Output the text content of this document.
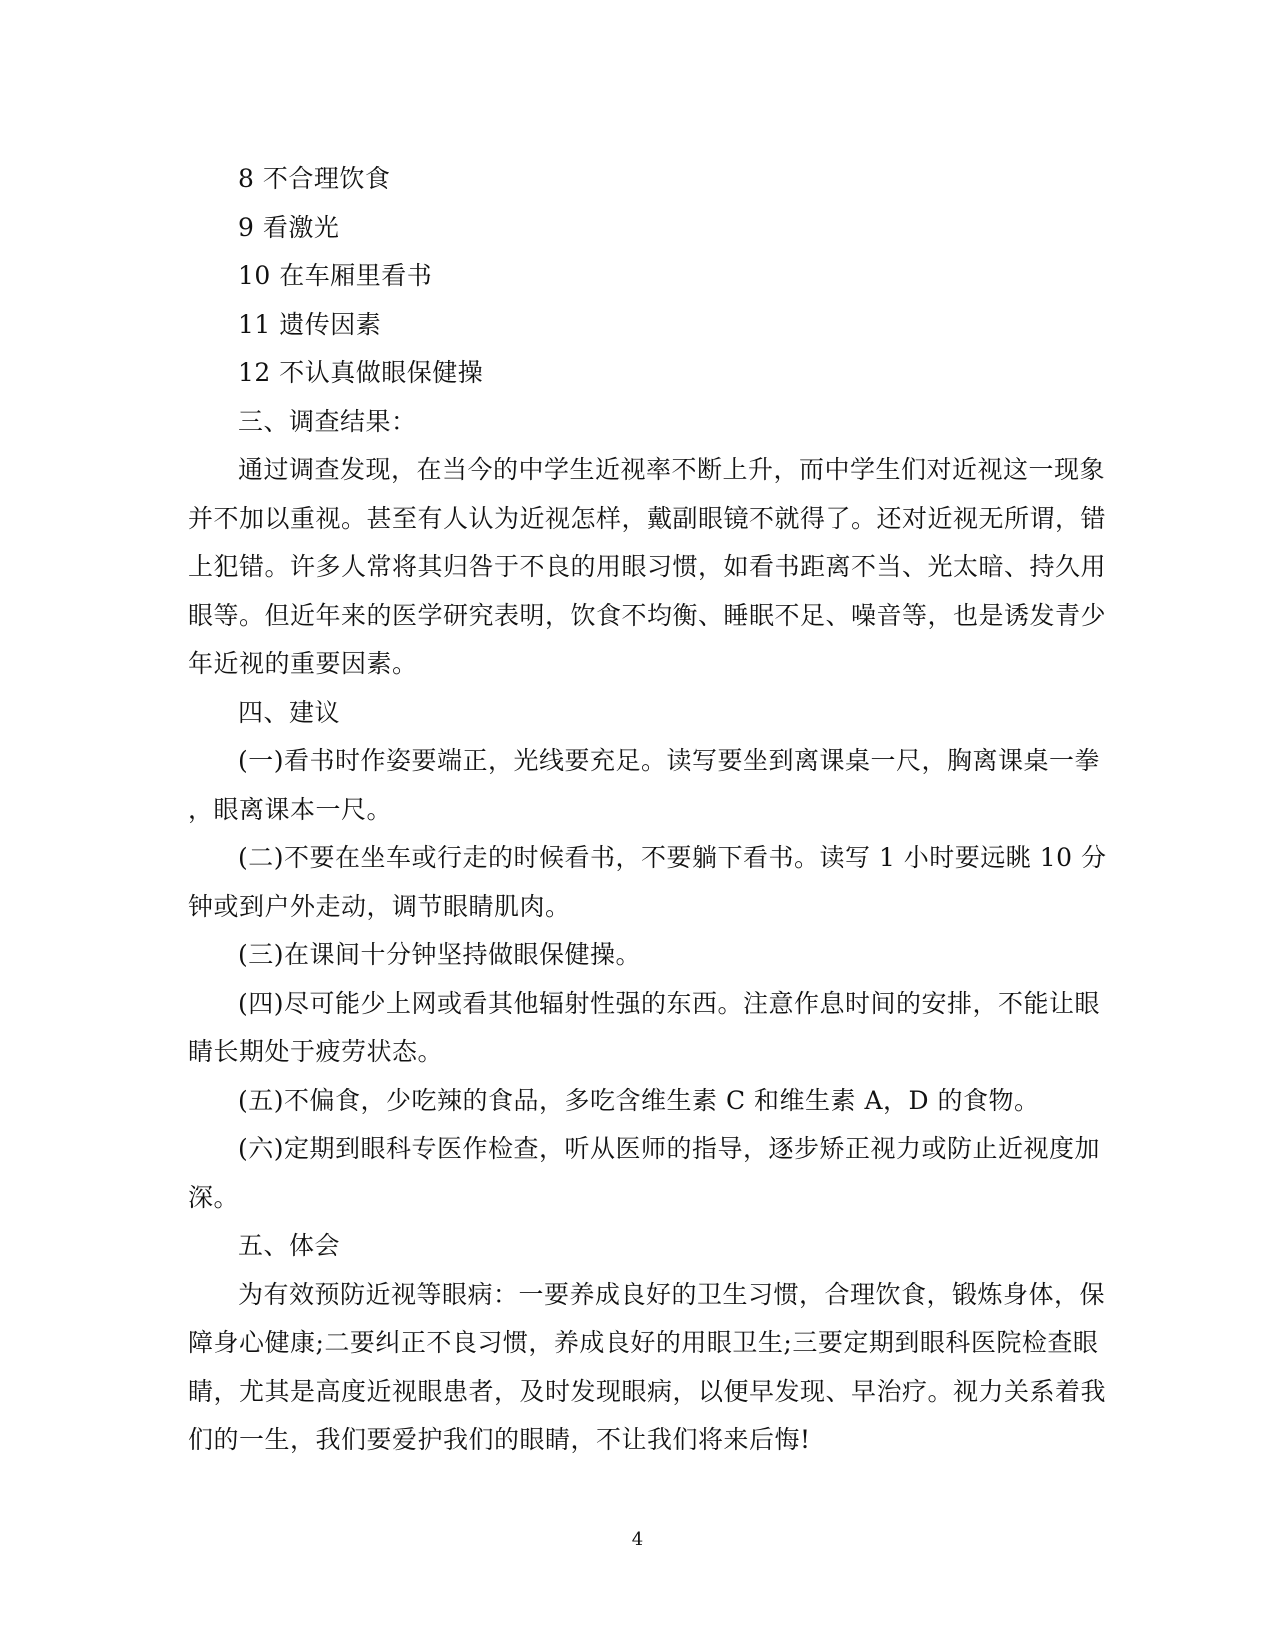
8 不合理饮食
9 看激光
10 在车厢里看书
11 遗传因素
12 不认真做眼保健操
三、调查结果：
通过调查发现，在当今的中学生近视率不断上升，而中学生们对近视这一现象
并不加以重视。甚至有人认为近视怎样，戴副眼镜不就得了。还对近视无所谓，错
上犯错。许多人常将其归咎于不良的用眼习惯，如看书距离不当、光太暗、持久用
眼等。但近年来的医学研究表明，饮食不均衡、睡眠不足、噪音等，也是诱发青少
年近视的重要因素。
四、建议
(一)看书时作姿要端正，光线要充足。读写要坐到离课桌一尺，胸离课桌一拳
，眼离课本一尺。
(二)不要在坐车或行走的时候看书，不要躺下看书。读写 1 小时要远眺 10 分
钟或到户外走动，调节眼睛肌肉。
(三)在课间十分钟坚持做眼保健操。
(四)尽可能少上网或看其他辐射性强的东西。注意作息时间的安排，不能让眼
睛长期处于疲劳状态。
(五)不偏食，少吃辣的食品，多吃含维生素 C 和维生素 A，D 的食物。
(六)定期到眼科专医作检查，听从医师的指导，逐步矫正视力或防止近视度加
深。
五、体会
为有效预防近视等眼病：一要养成良好的卫生习惯，合理饮食，锻炼身体，保
障身心健康;二要纠正不良习惯，养成良好的用眼卫生;三要定期到眼科医院检查眼
睛，尤其是高度近视眼患者，及时发现眼病，以便早发现、早治疗。视力关系着我
们的一生，我们要爱护我们的眼睛，不让我们将来后悔!
4
